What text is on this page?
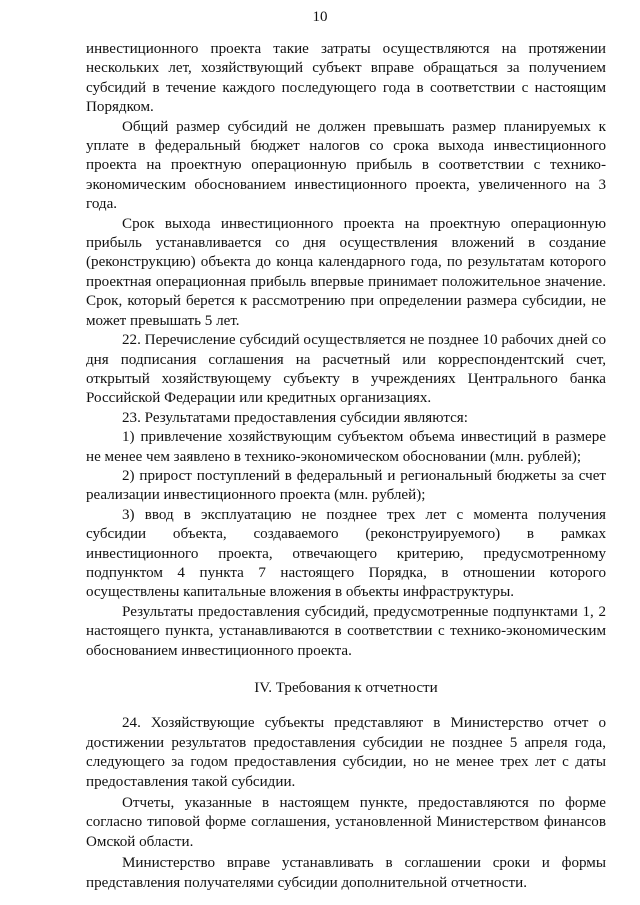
10

инвестиционного проекта такие затраты осуществляются на протяжении нескольких лет, хозяйствующий субъект вправе обращаться за получением субсидий в течение каждого последующего года в соответствии с настоящим Порядком.

Общий размер субсидий не должен превышать размер планируемых к уплате в федеральный бюджет налогов со срока выхода инвестиционного проекта на проектную операционную прибыль в соответствии с технико-экономическим обоснованием инвестиционного проекта, увеличенного на 3 года.

Срок выхода инвестиционного проекта на проектную операционную прибыль устанавливается со дня осуществления вложений в создание (реконструкцию) объекта до конца календарного года, по результатам которого проектная операционная прибыль впервые принимает положительное значение. Срок, который берется к рассмотрению при определении размера субсидии, не может превышать 5 лет.

22. Перечисление субсидий осуществляется не позднее 10 рабочих дней со дня подписания соглашения на расчетный или корреспондентский счет, открытый хозяйствующему субъекту в учреждениях Центрального банка Российской Федерации или кредитных организациях.

23. Результатами предоставления субсидии являются:

1) привлечение хозяйствующим субъектом объема инвестиций в размере не менее чем заявлено в технико-экономическом обосновании (млн. рублей);

2) прирост поступлений в федеральный и региональный бюджеты за счет реализации инвестиционного проекта (млн. рублей);

3) ввод в эксплуатацию не позднее трех лет с момента получения субсидии объекта, создаваемого (реконструируемого) в рамках инвестиционного проекта, отвечающего критерию, предусмотренному подпунктом 4 пункта 7 настоящего Порядка, в отношении которого осуществлены капитальные вложения в объекты инфраструктуры.

Результаты предоставления субсидий, предусмотренные подпунктами 1, 2 настоящего пункта, устанавливаются в соответствии с технико-экономическим обоснованием инвестиционного проекта.

IV. Требования к отчетности

24. Хозяйствующие субъекты представляют в Министерство отчет о достижении результатов предоставления субсидии не позднее 5 апреля года, следующего за годом предоставления субсидии, но не менее трех лет с даты предоставления такой субсидии.

Отчеты, указанные в настоящем пункте, предоставляются по форме согласно типовой форме соглашения, установленной Министерством финансов Омской области.

Министерство вправе устанавливать в соглашении сроки и формы представления получателями субсидии дополнительной отчетности.
